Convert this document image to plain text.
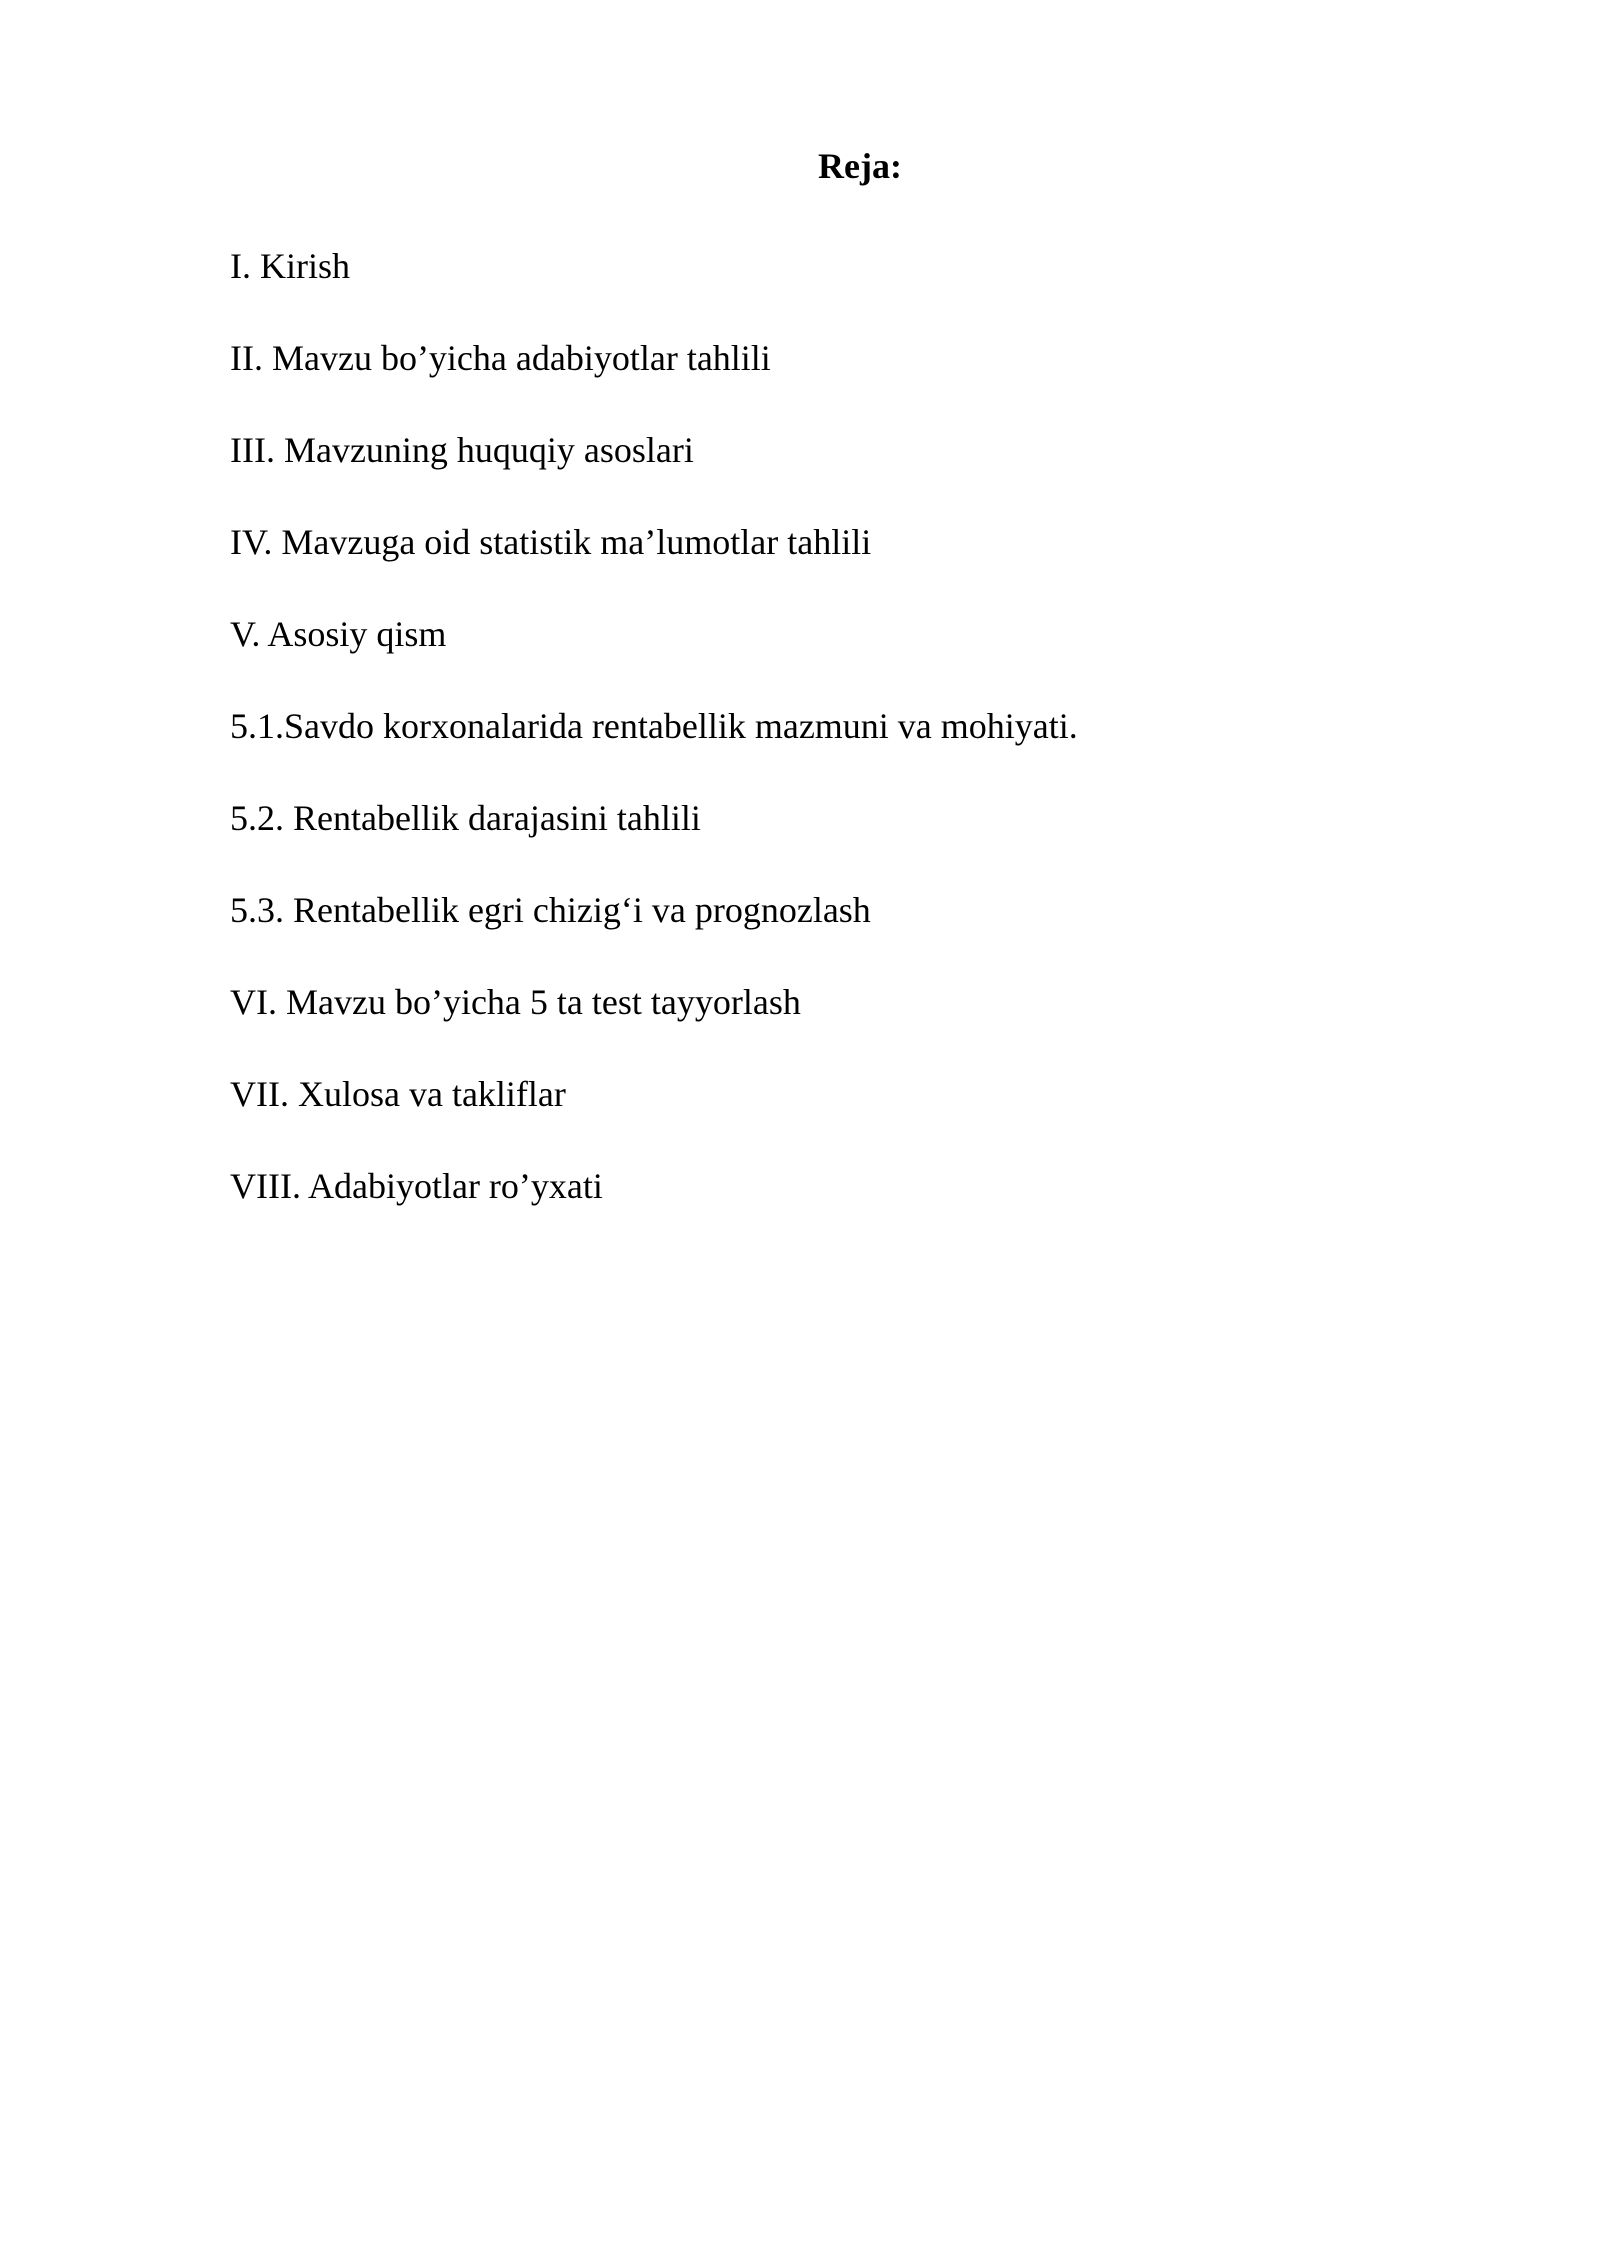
Reja:
I. Kirish
II. Mavzu bo’yicha adabiyotlar tahlili
III. Mavzuning huquqiy asoslari
IV. Mavzuga oid statistik ma’lumotlar tahlili
V. Asosiy qism
5.1.Savdo korxonalarida rentabellik mazmuni va mohiyati.
5.2. Rentabellik darajasini tahlili
5.3. Rentabellik egri chizig‘i va prognozlash
VI. Mavzu bo’yicha 5 ta test tayyorlash
VII. Xulosa va takliflar
VIII. Adabiyotlar ro’yxati
